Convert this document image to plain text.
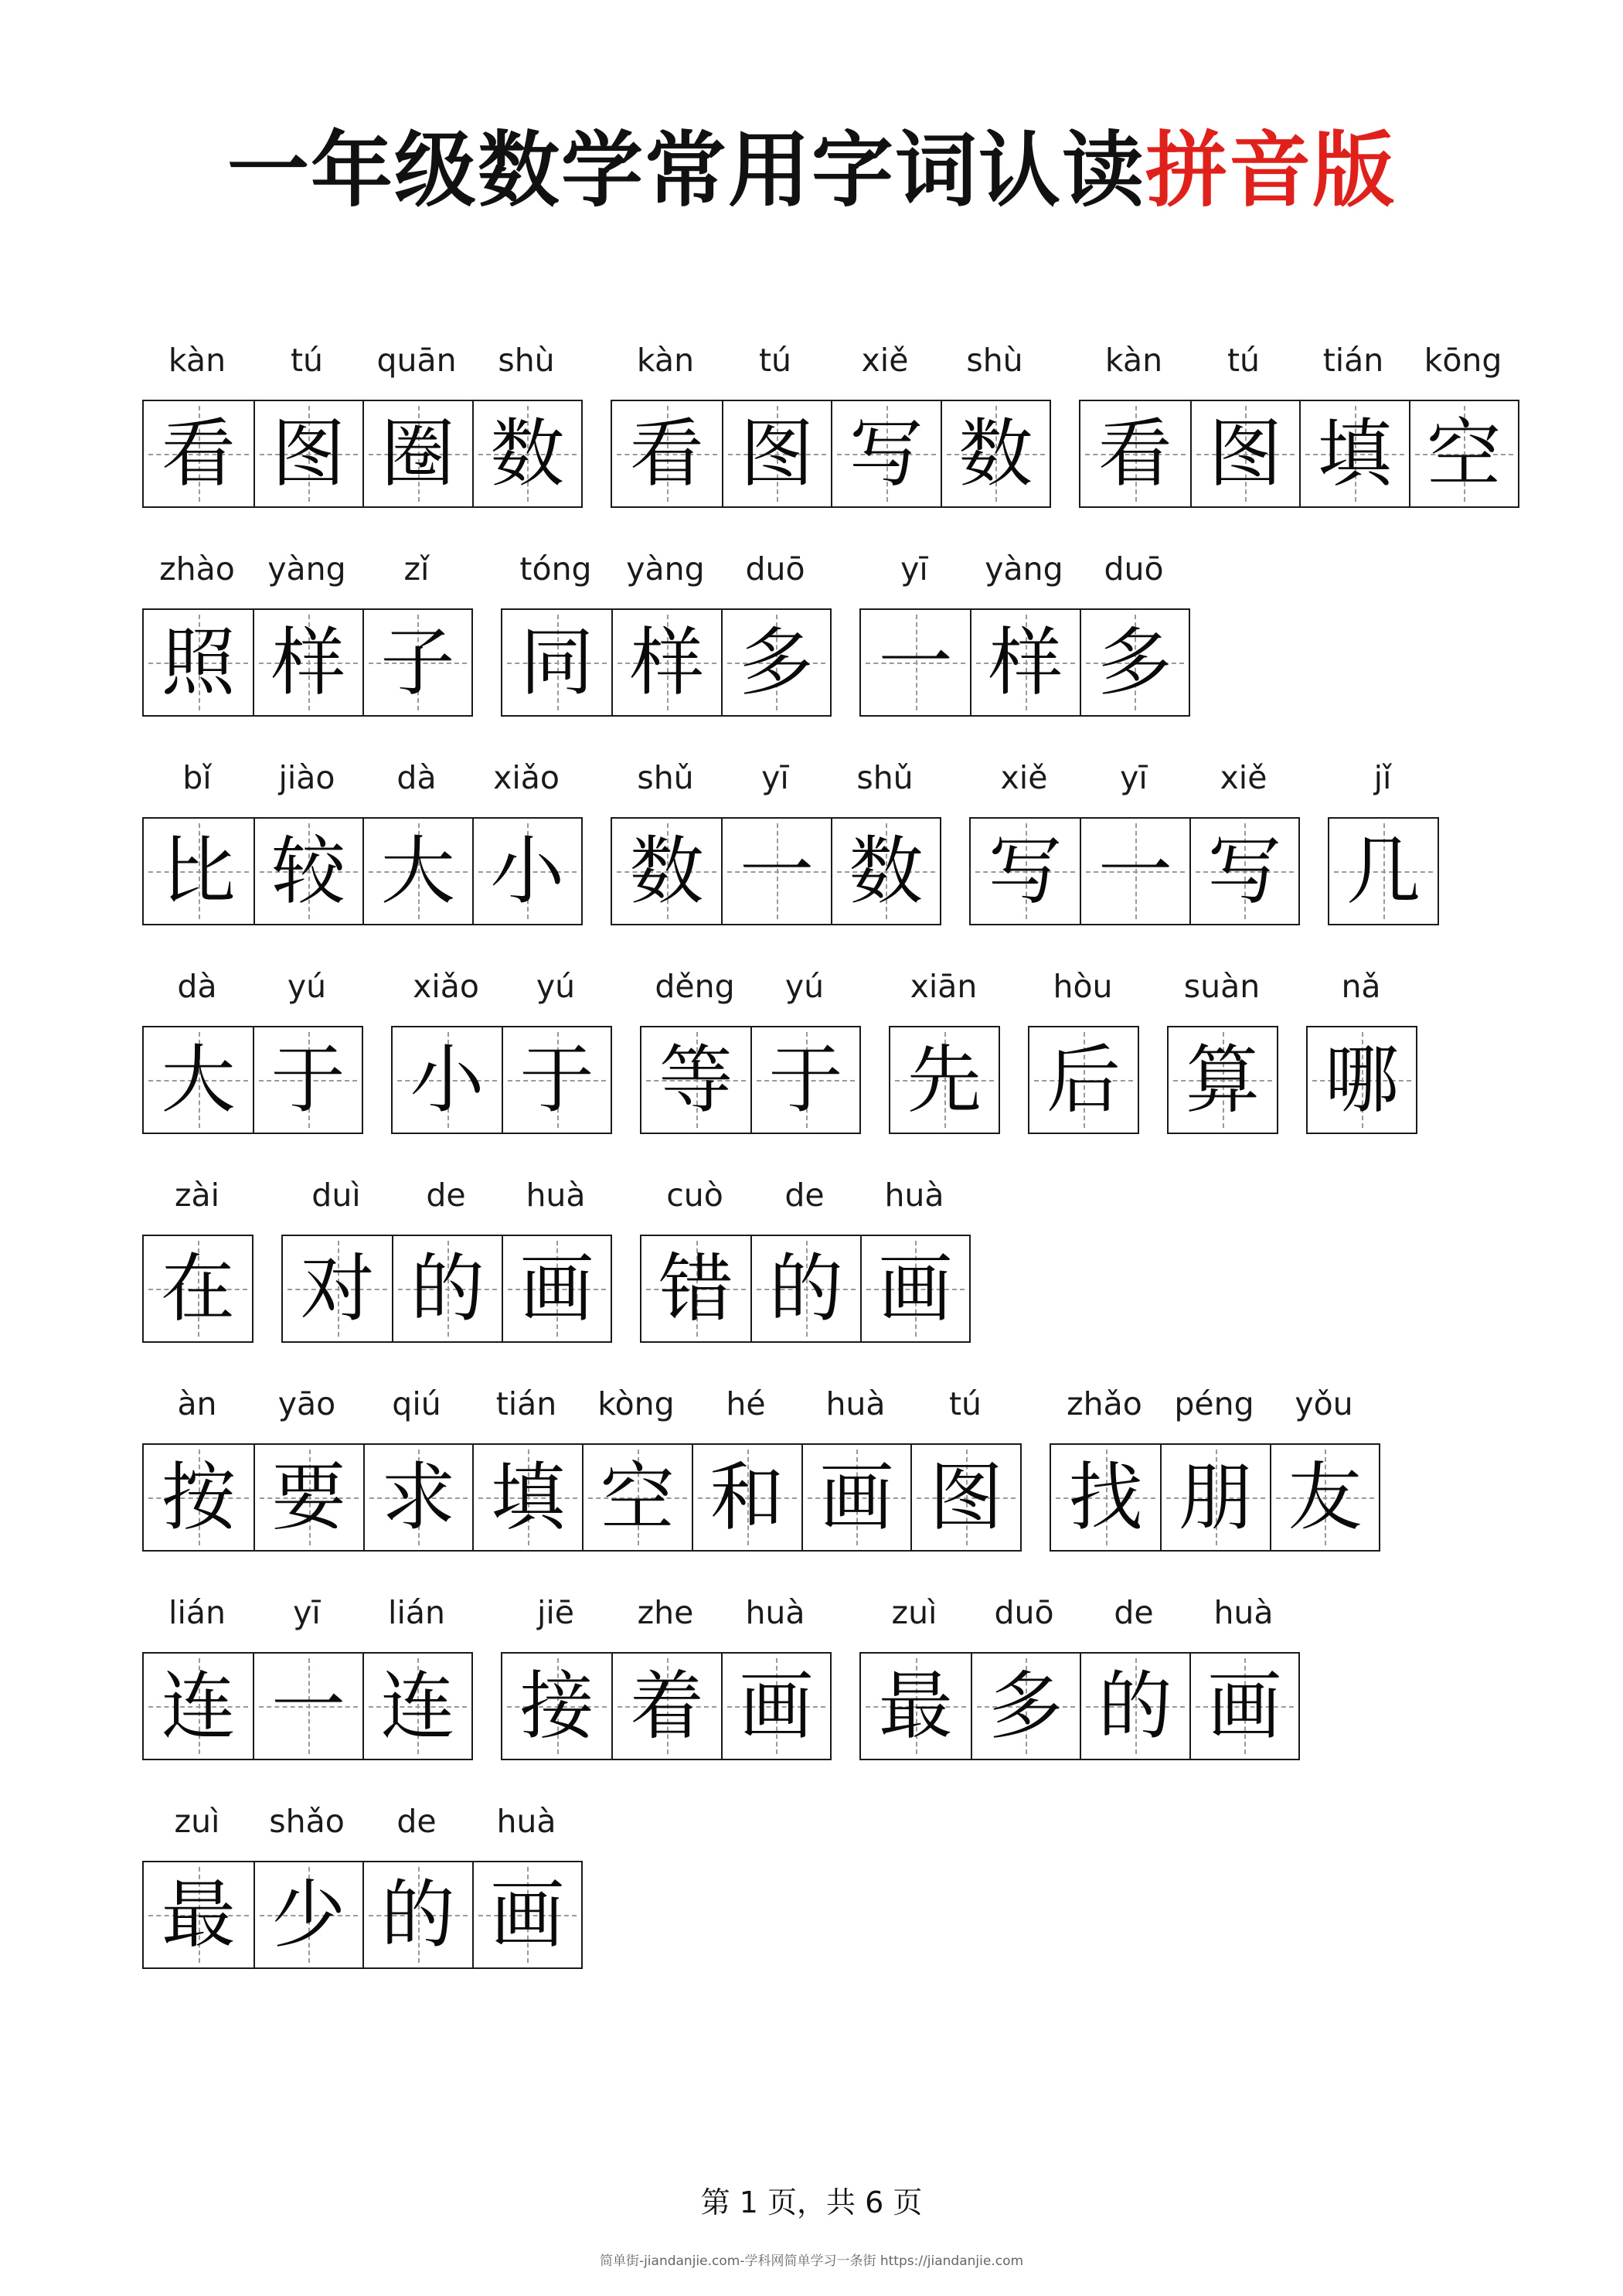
一年级数学常用字词认读拼音版
kàn	tú	quān	shù
看 图 圈 数
kàn	tú	xiě	shù
看 图 写 数
kàn	tú	tián	kōng
看 图 填 空
zhào	yàng	zǐ
照 样 子
tóng	yàng	duō
同 样 多
yī	yàng	duō
一 样 多
bǐ	jiào	dà	xiǎo
比 较 大 小
shǔ	yī	shǔ
数 一 数
xiě	yī	xiě
写 一 写
jǐ
几
dà	yú
大 于
xiǎo	yú
小 于
děng	yú
等 于
xiān
先
hòu
后
suàn
算
nǎ
哪
zài
在
duì	de	huà
对 的 画
cuò	de	huà
错 的 画
àn	yāo	qiú	tián	kòng	hé	huà	tú
按 要 求 填 空 和 画 图
zhǎo	péng	yǒu
找 朋 友
lián	yī	lián
连 一 连
jiē	zhe	huà
接 着 画
zuì	duō	de	huà
最 多 的 画
zuì	shǎo	de	huà
最 少 的 画
第 1 页，共 6 页
简单街-jiandanjie.com-学科网简单学习一条街 https://jiandanjie.com
